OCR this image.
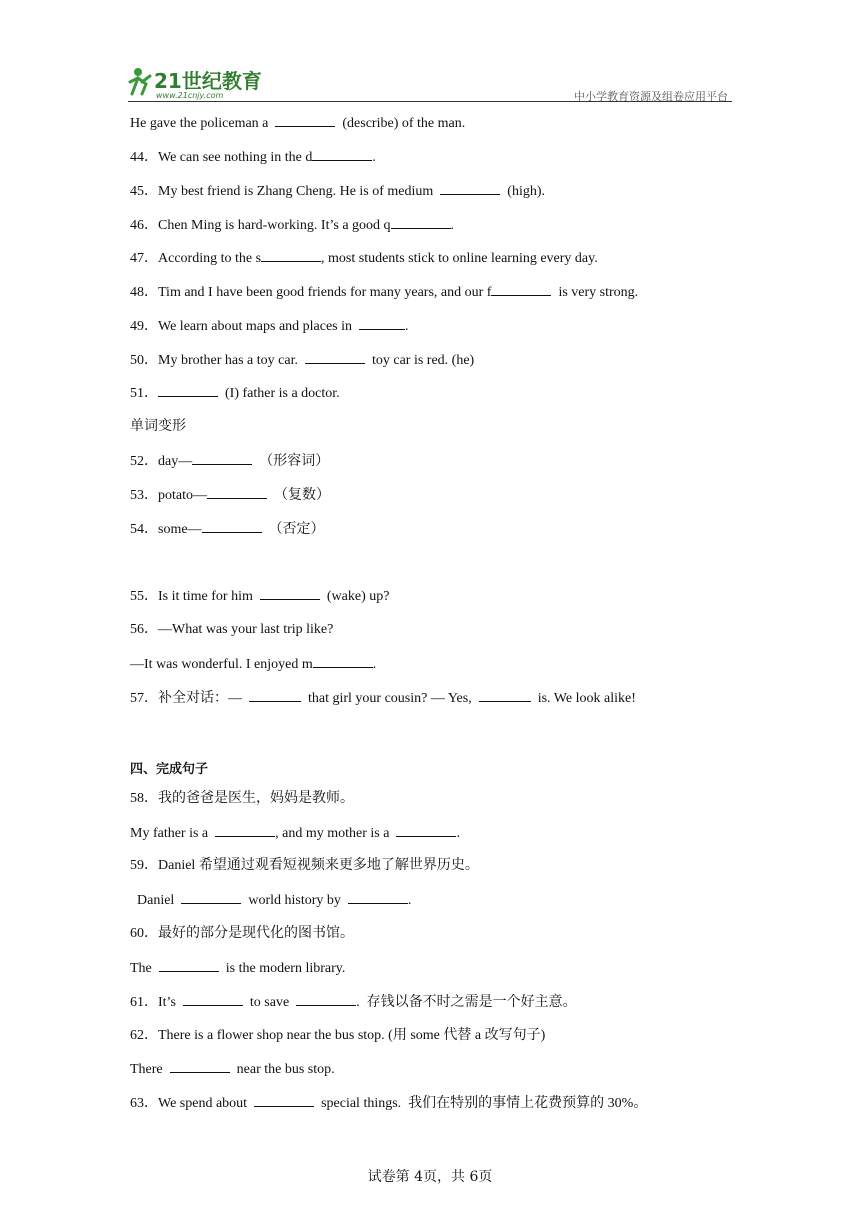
21世纪教育
www.21cnjy.com	中小学教育资源及组卷应用平台
He gave the policeman a	(describe) of the man.
44．We can see nothing in the d	.
45．My best friend is Zhang Cheng. He is of medium	(high).
46．Chen Ming is hard-working. It’s a good q	.
47．According to the s	, most students stick to online learning every day.
48．Tim and I have been good friends for many years, and our f	is very strong.
49．We learn about maps and places in	.
50．My brother has a toy car.	toy car is red. (he)
51．	(I) father is a doctor.
单词变形
52．day—	（形容词）
53．potato—	（复数）
54．some—	（否定）
55．Is it time for him	(wake) up?
56．—What was your last trip like?
—It was wonderful. I enjoyed m	.
57．补全对话：—	that girl your cousin? — Yes,	is. We look alike!
四、完成句子
58．我的爸爸是医生，妈妈是教师。
My father is a	, and my mother is a	.
59．Daniel 希望通过观看短视频来更多地了解世界历史。
Daniel	world history by	.
60．最好的部分是现代化的图书馆。
The	is the modern library.
61．It’s	to save	.  存钱以备不时之需是一个好主意。
62．There is a flower shop near the bus stop. (用 some 代替 a 改写句子)
There	near the bus stop.
63．We spend about	special things.  我们在特别的事情上花费预算的 30%。
试卷第 4页，共 6页
